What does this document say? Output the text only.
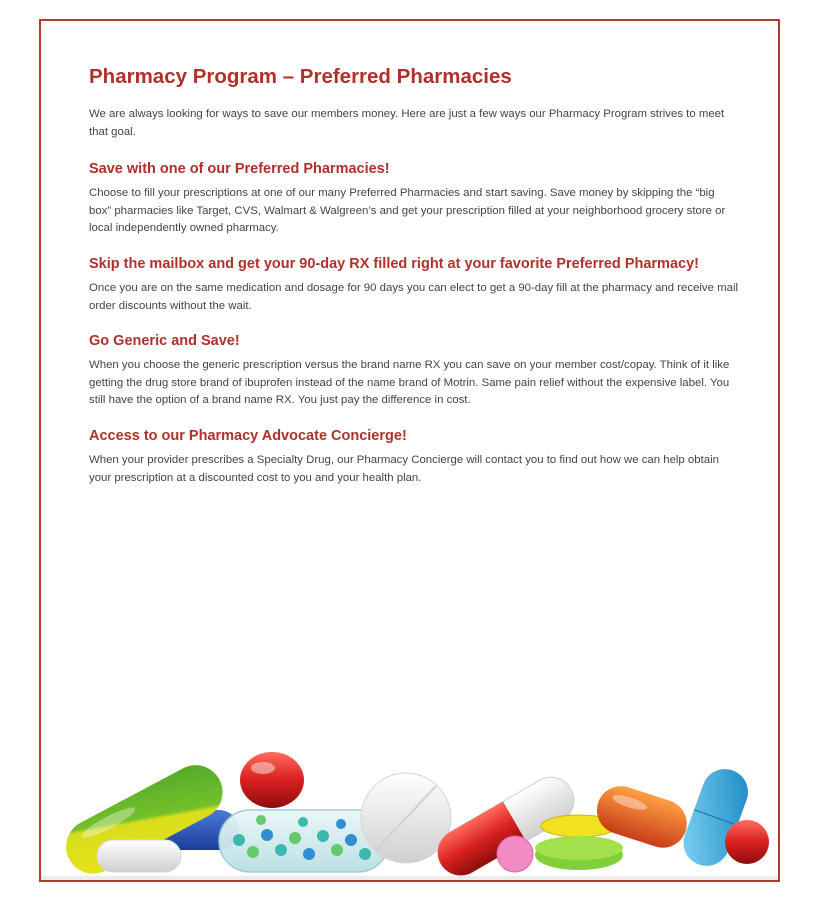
Pharmacy Program – Preferred Pharmacies

We are always looking for ways to save our members money. Here are just a few ways our Pharmacy Program strives to meet that goal.

Save with one of our Preferred Pharmacies!

Choose to fill your prescriptions at one of our many Preferred Pharmacies and start saving. Save money by skipping the “big box” pharmacies like Target, CVS, Walmart & Walgreen’s and get your prescription filled at your neighborhood grocery store or local independently owned pharmacy.

Skip the mailbox and get your 90-day RX filled right at your favorite Preferred Pharmacy!

Once you are on the same medication and dosage for 90 days you can elect to get a 90-day fill at the pharmacy and receive mail order discounts without the wait.

Go Generic and Save!

When you choose the generic prescription versus the brand name RX you can save on your member cost/copay. Think of it like getting the drug store brand of ibuprofen instead of the name brand of Motrin. Same pain relief without the expensive label. You still have the option of a brand name RX. You just pay the difference in cost.

Access to our Pharmacy Advocate Concierge!

When your provider prescribes a Specialty Drug, our Pharmacy Concierge will contact you to find out how we can help obtain your prescription at a discounted cost to you and your health plan.
